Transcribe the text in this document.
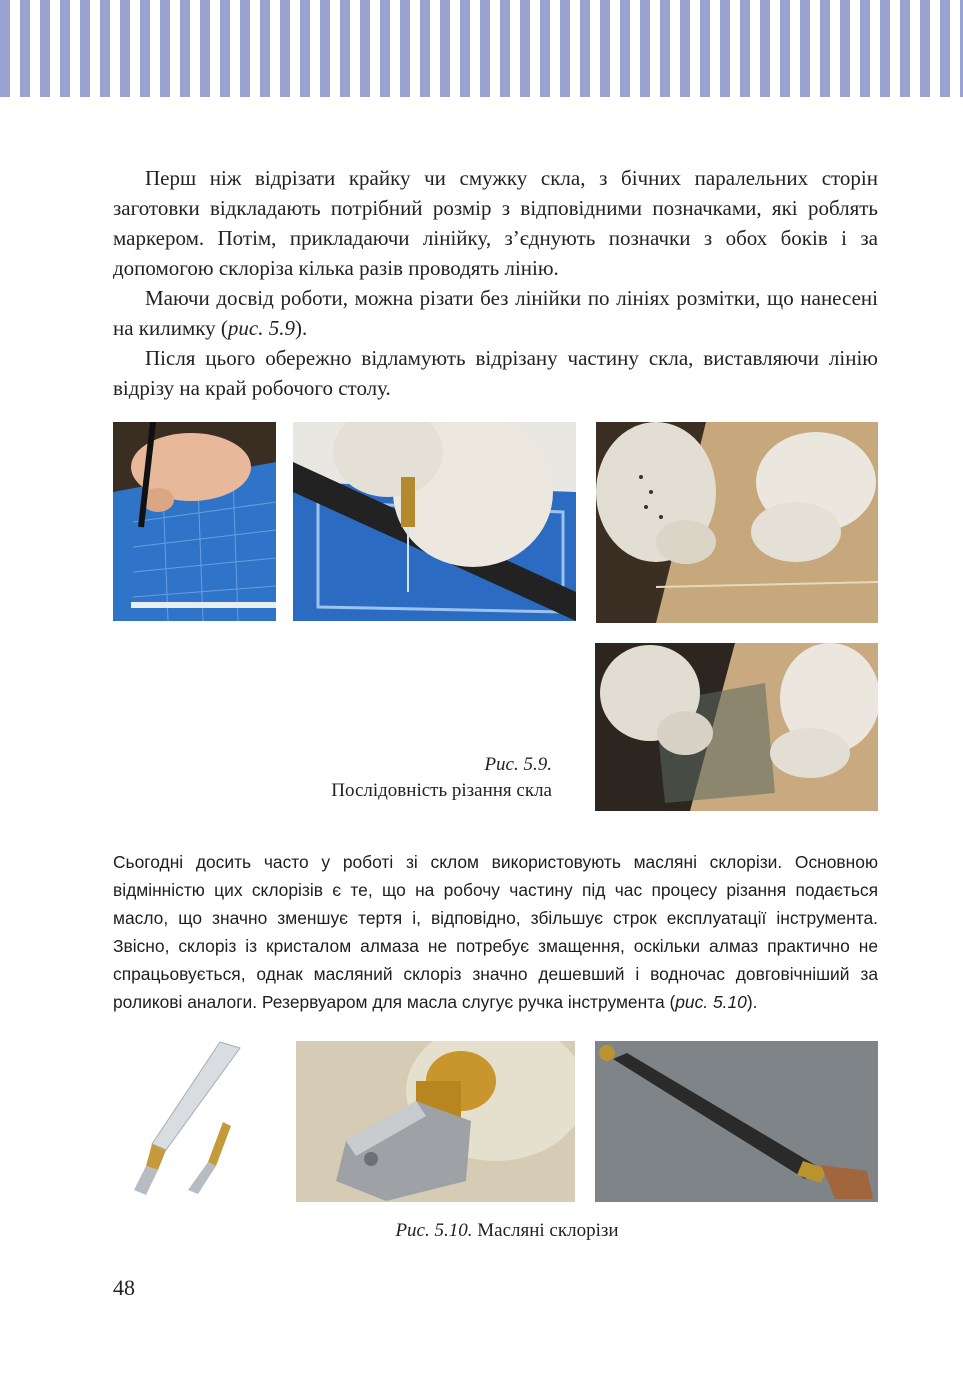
Перш ніж відрізати крайку чи смужку скла, з бічних паралельних сторін заготовки відкладають потрібний розмір з відповідними позначками, які роблять маркером. Потім, прикладаючи лінійку, з’єднують позначки з обох боків і за допомогою склоріза кілька разів проводять лінію.

Маючи досвід роботи, можна різати без лінійки по лініях розмітки, що нанесені на килимку (рис. 5.9).

Після цього обережно відламують відрізану частину скла, виставляючи лінію відрізу на край робочого столу.

Рис. 5.9.
Послідовність різання скла

Сьогодні досить часто у роботі зі склом використовують масляні склорізи. Основною відмінністю цих склорізів є те, що на робочу частину під час процесу різання подається масло, що значно зменшує тертя і, відповідно, збільшує строк експлуатації інструмента. Звісно, склоріз із кристалом алмаза не потребує змащення, оскільки алмаз практично не спрацьовується, однак масляний склоріз значно дешевший і водночас довговічніший за роликові аналоги. Резервуаром для масла слугує ручка інструмента (рис. 5.10).

Рис. 5.10. Масляні склорізи
48
